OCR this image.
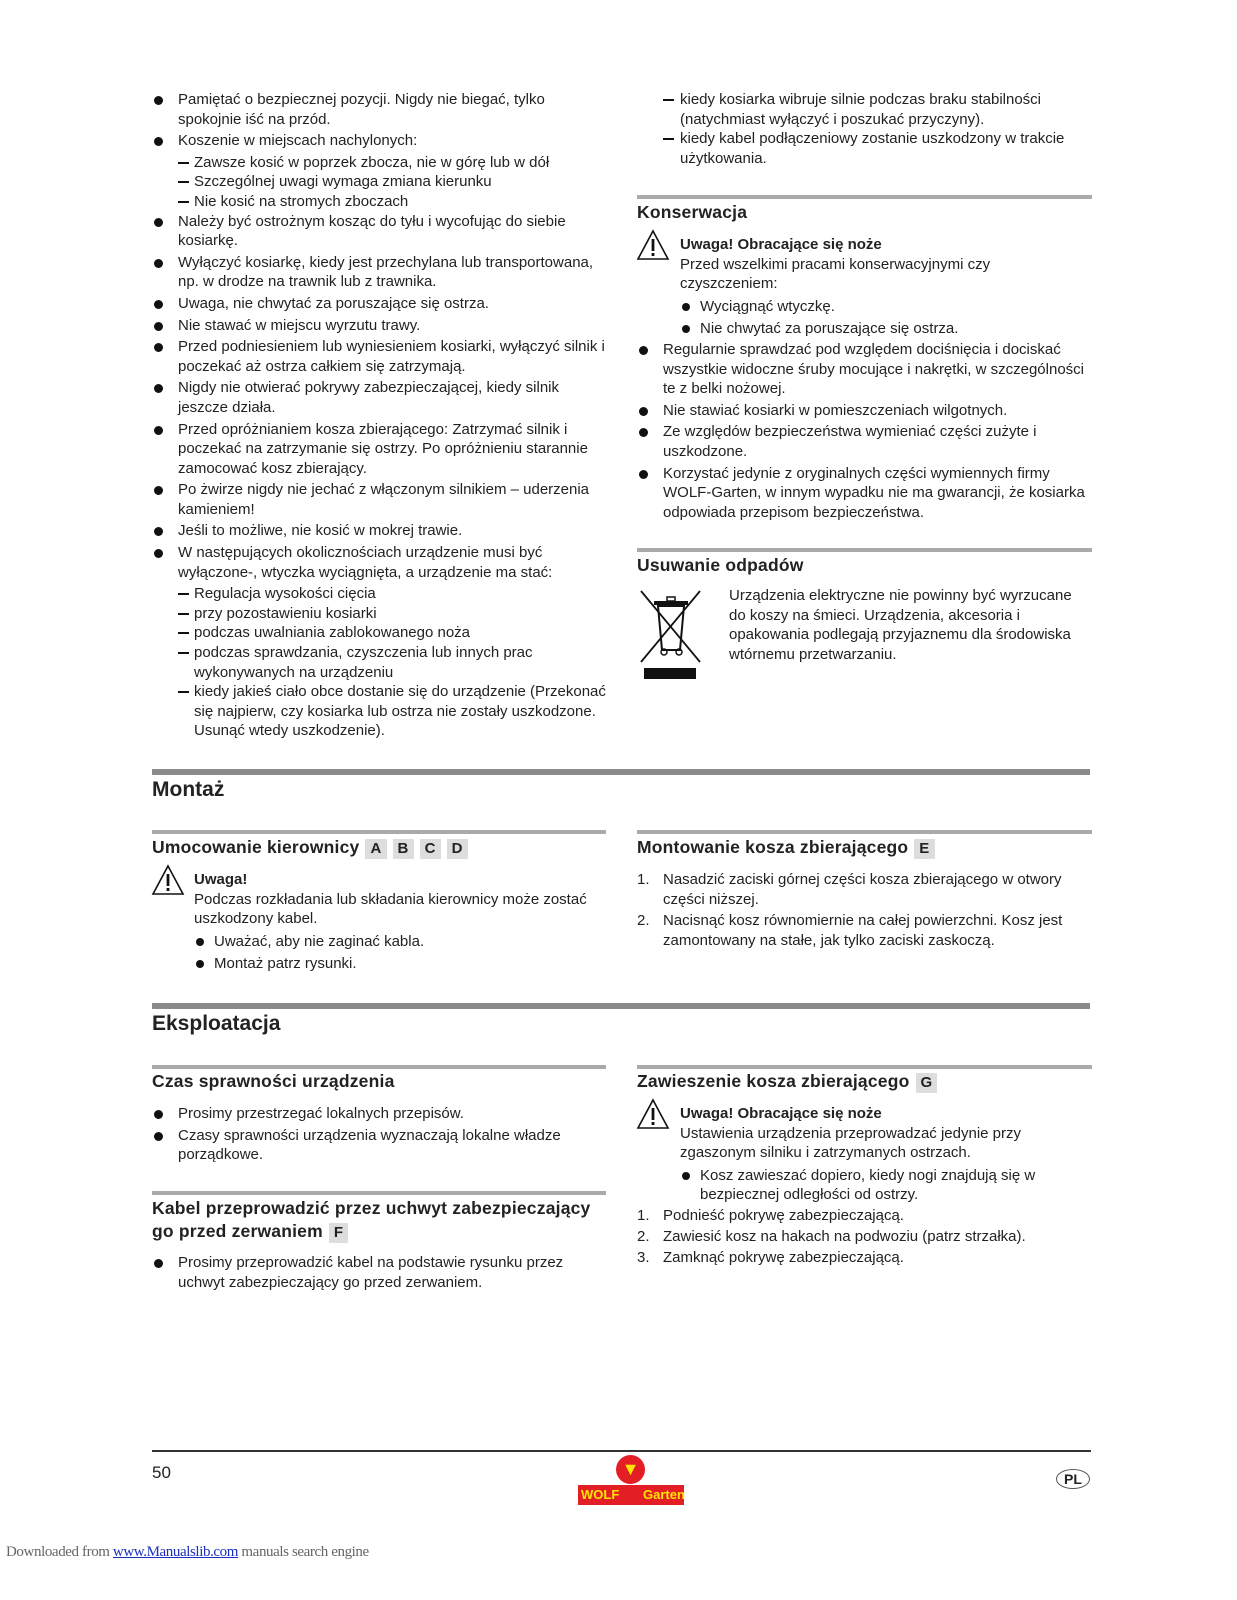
Pamiętać o bezpiecznej pozycji. Nigdy nie biegać, tylko spokojnie iść na przód.
Koszenie w miejscach nachylonych:
Zawsze kosić w poprzek zbocza, nie w górę lub w dół
Szczególnej uwagi wymaga zmiana kierunku
Nie kosić na stromych zboczach
Należy być ostrożnym kosząc do tyłu i wycofując do siebie kosiarkę.
Wyłączyć kosiarkę, kiedy jest przechylana lub transportowana, np. w drodze na trawnik lub z trawnika.
Uwaga, nie chwytać za poruszające się ostrza.
Nie stawać w miejscu wyrzutu trawy.
Przed podniesieniem lub wyniesieniem kosiarki, wyłączyć silnik i poczekać aż ostrza całkiem się zatrzymają.
Nigdy nie otwierać pokrywy zabezpieczającej, kiedy silnik jeszcze działa.
Przed opróżnianiem kosza zbierającego: Zatrzymać silnik i poczekać na zatrzymanie się ostrzy. Po opróżnieniu starannie zamocować kosz zbierający.
Po żwirze nigdy nie jechać z włączonym silnikiem – uderzenia kamieniem!
Jeśli to możliwe, nie kosić w mokrej trawie.
W następujących okolicznościach urządzenie musi być wyłączone-, wtyczka wyciągnięta, a urządzenie ma stać:
Regulacja wysokości cięcia
przy pozostawieniu kosiarki
podczas uwalniania zablokowanego noża
podczas sprawdzania, czyszczenia lub innych prac wykonywanych na urządzeniu
kiedy jakieś ciało obce dostanie się do urządzenie (Przekonać się najpierw, czy kosiarka lub ostrza nie zostały uszkodzone. Usunąć wtedy uszkodzenie).
kiedy kosiarka wibruje silnie podczas braku stabilności (natychmiast wyłączyć i poszukać przyczyny).
kiedy kabel podłączeniowy zostanie uszkodzony w trakcie użytkowania.
Konserwacja
Uwaga! Obracające się noże
Przed wszelkimi pracami konserwacyjnymi czy czyszczeniem:
Wyciągnąć wtyczkę.
Nie chwytać za poruszające się ostrza.
Regularnie sprawdzać pod względem dociśnięcia i dociskać wszystkie widoczne śruby mocujące i nakrętki, w szczególności te z belki nożowej.
Nie stawiać kosiarki w pomieszczeniach wilgotnych.
Ze względów bezpieczeństwa wymieniać części zużyte i uszkodzone.
Korzystać jedynie z oryginalnych części wymiennych firmy WOLF-Garten, w innym wypadku nie ma gwarancji, że kosiarka odpowiada przepisom bezpieczeństwa.
Usuwanie odpadów
Urządzenia elektryczne nie powinny być wyrzucane do koszy na śmieci. Urządzenia, akcesoria i opakowania podlegają przyjaznemu dla środowiska wtórnemu przetwarzaniu.
Montaż
Umocowanie kierownicy A B C D
Uwaga!
Podczas rozkładania lub składania kierownicy może zostać uszkodzony kabel.
Uważać, aby nie zaginać kabla.
Montaż patrz rysunki.
Montowanie kosza zbierającego E
1. Nasadzić zaciski górnej części kosza zbierającego w otwory części niższej.
2. Nacisnąć kosz równomiernie na całej powierzchni. Kosz jest zamontowany na stałe, jak tylko zaciski zaskoczą.
Eksploatacja
Czas sprawności urządzenia
Prosimy przestrzegać lokalnych przepisów.
Czasy sprawności urządzenia wyznaczają lokalne władze porządkowe.
Kabel przeprowadzić przez uchwyt zabezpieczający go przed zerwaniem F
Prosimy przeprowadzić kabel na podstawie rysunku przez uchwyt zabezpieczający go przed zerwaniem.
Zawieszenie kosza zbierającego G
Uwaga! Obracające się noże
Ustawienia urządzenia przeprowadzać jedynie przy zgaszonym silniku i zatrzymanych ostrzach.
Kosz zawieszać dopiero, kiedy nogi znajdują się w bezpiecznej odległości od ostrzy.
1. Podnieść pokrywę zabezpieczającą.
2. Zawiesić kosz na hakach na podwoziu (patrz strzałka).
3. Zamknąć pokrywę zabezpieczającą.
50	▼
WOLF Garten
PL
Downloaded from www.Manualslib.com manuals search engine
